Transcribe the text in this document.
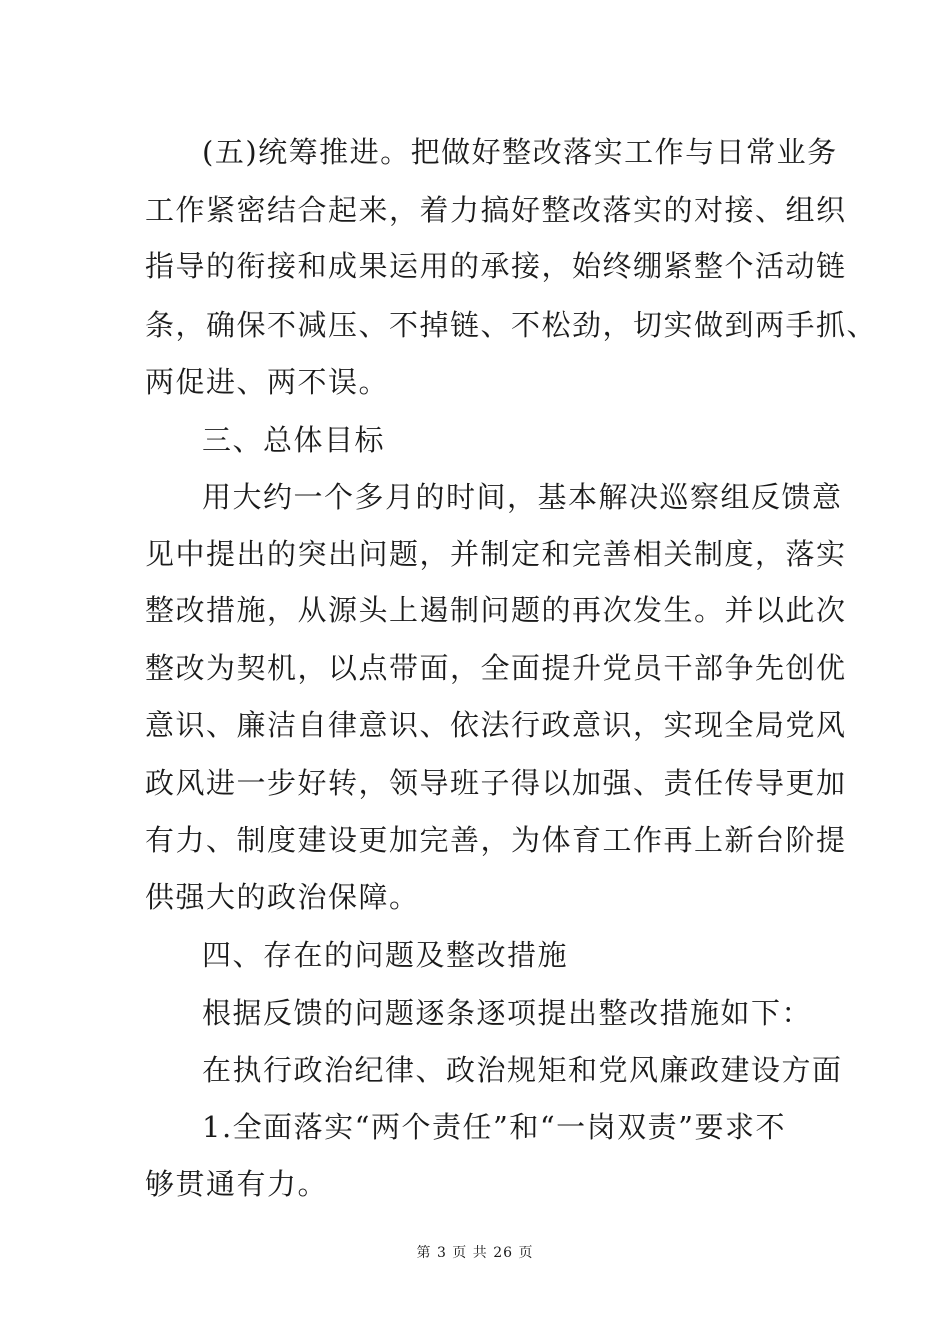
(五)统筹推进。把做好整改落实工作与日常业务
工作紧密结合起来，着力搞好整改落实的对接、组织
指导的衔接和成果运用的承接，始终绷紧整个活动链
条，确保不减压、不掉链、不松劲，切实做到两手抓、
两促进、两不误。
三、总体目标
用大约一个多月的时间，基本解决巡察组反馈意
见中提出的突出问题，并制定和完善相关制度，落实
整改措施，从源头上遏制问题的再次发生。并以此次
整改为契机，以点带面，全面提升党员干部争先创优
意识、廉洁自律意识、依法行政意识，实现全局党风
政风进一步好转，领导班子得以加强、责任传导更加
有力、制度建设更加完善，为体育工作再上新台阶提
供强大的政治保障。
四、存在的问题及整改措施
根据反馈的问题逐条逐项提出整改措施如下：
在执行政治纪律、政治规矩和党风廉政建设方面
1.全面落实“两个责任”和“一岗双责”要求不
够贯通有力。
第 3 页 共 26 页
